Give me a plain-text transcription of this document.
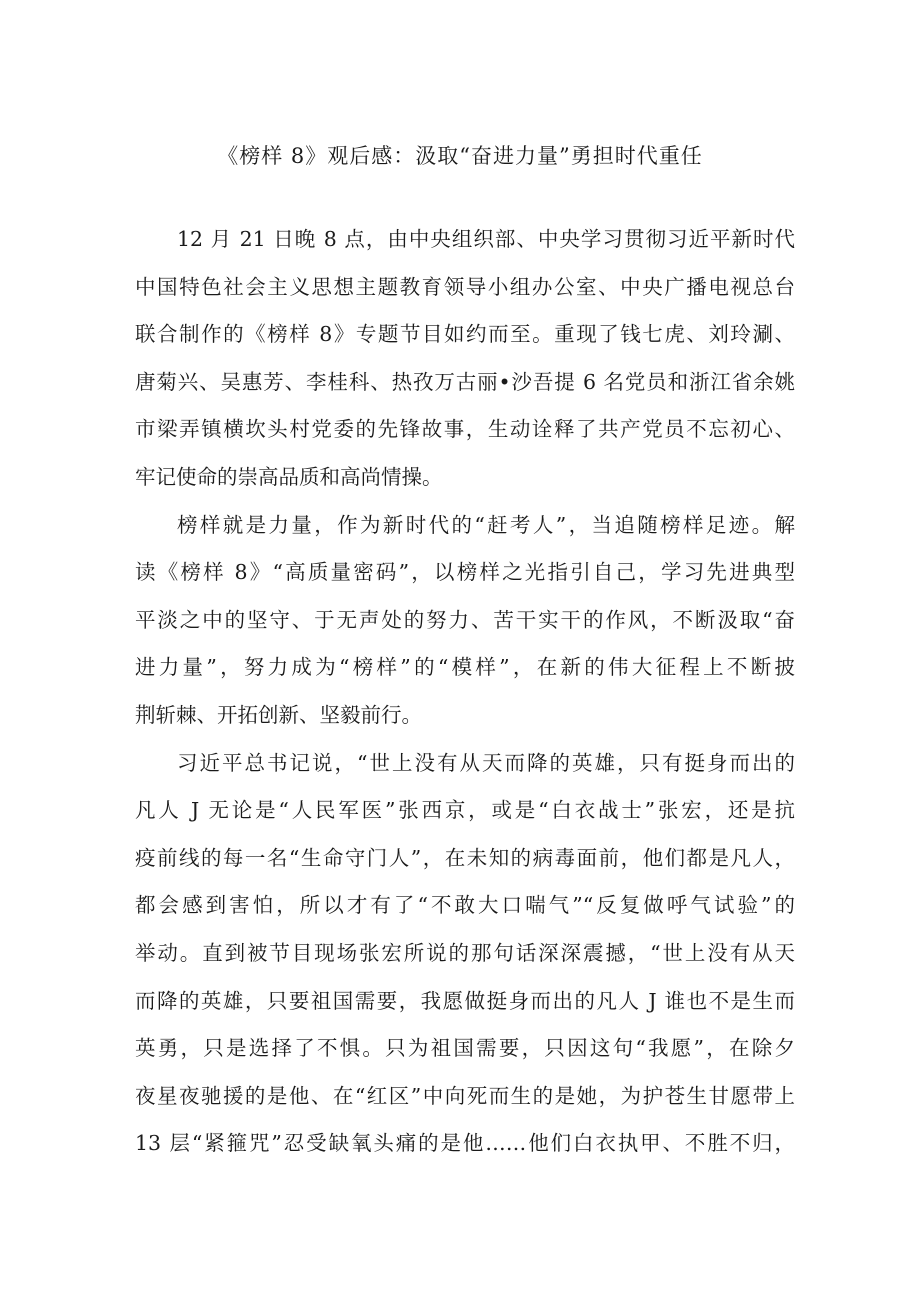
《榜样 8》观后感：汲取“奋进力量”勇担时代重任

12 月 21 日晚 8 点，由中央组织部、中央学习贯彻习近平新时代
中国特色社会主义思想主题教育领导小组办公室、中央广播电视总台
联合制作的《榜样 8》专题节目如约而至。重现了钱七虎、刘玲涮、
唐菊兴、吴惠芳、李桂科、热孜万古丽•沙吾提 6 名党员和浙江省余姚
市梁弄镇横坎头村党委的先锋故事，生动诠释了共产党员不忘初心、
牢记使命的崇高品质和高尚情操。

榜样就是力量，作为新时代的“赶考人”，当追随榜样足迹。解
读《榜样 8》“高质量密码”，以榜样之光指引自己，学习先进典型
平淡之中的坚守、于无声处的努力、苦干实干的作风，不断汲取“奋
进力量”，努力成为“榜样”的“模样”，在新的伟大征程上不断披
荆斩棘、开拓创新、坚毅前行。

习近平总书记说，“世上没有从天而降的英雄，只有挺身而出的
凡人 J 无论是“人民军医”张西京，或是“白衣战士”张宏，还是抗
疫前线的每一名“生命守门人”，在未知的病毒面前，他们都是凡人，
都会感到害怕，所以才有了“不敢大口喘气”“反复做呼气试验”的
举动。直到被节目现场张宏所说的那句话深深震撼，“世上没有从天
而降的英雄，只要祖国需要，我愿做挺身而出的凡人 J 谁也不是生而
英勇，只是选择了不惧。只为祖国需要，只因这句“我愿”，在除夕
夜星夜驰援的是他、在“红区”中向死而生的是她，为护苍生甘愿带上
13 层“紧箍咒”忍受缺氧头痛的是他……他们白衣执甲、不胜不归，
